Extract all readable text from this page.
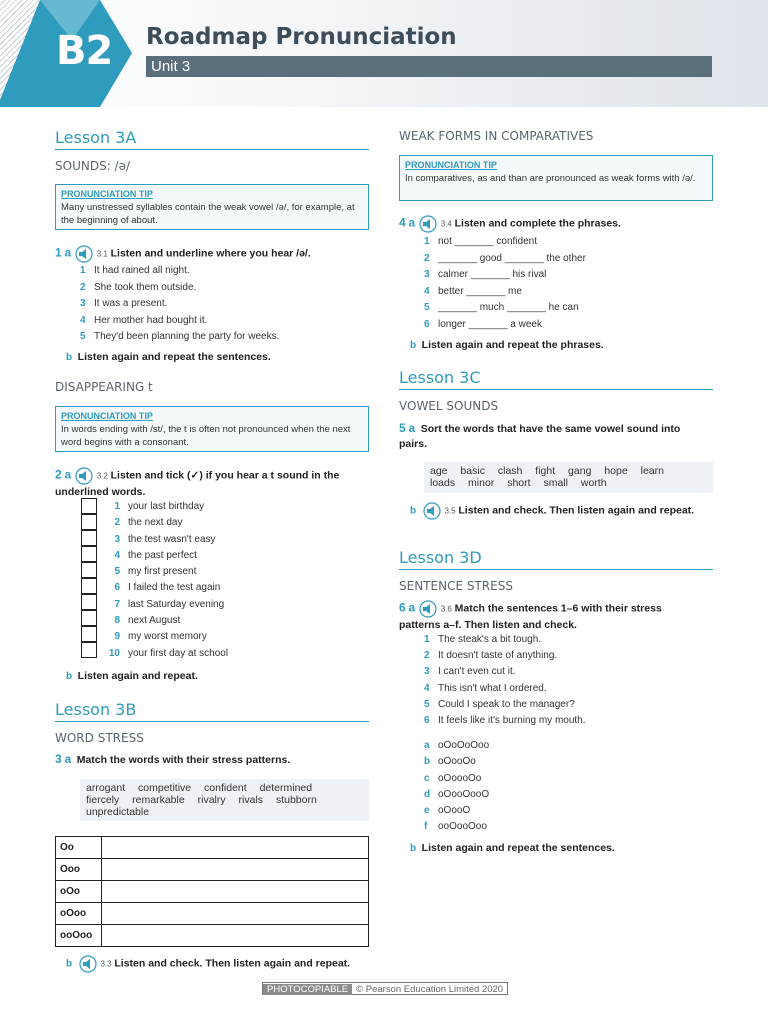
B2 Roadmap Pronunciation
Unit 3
Lesson 3A
SOUNDS: /ə/
PRONUNCIATION TIP
Many unstressed syllables contain the weak vowel /ə/, for example, at the beginning of about.
1 a	3.1 Listen and underline where you hear /ə/.
1 It had rained all night.
2 She took them outside.
3 It was a present.
4 Her mother had bought it.
5 They'd been planning the party for weeks.
b Listen again and repeat the sentences.
DISAPPEARING t
PRONUNCIATION TIP
In words ending with /st/, the t is often not pronounced when the next word begins with a consonant.
2 a	3.2 Listen and tick (✓) if you hear a t sound in the underlined words.
1 your last birthday
2 the next day
3 the test wasn't easy
4 the past perfect
5 my first present
6 I failed the test again
7 last Saturday evening
8 next August
9 my worst memory
10 your first day at school
b Listen again and repeat.
Lesson 3B
WORD STRESS
3 a Match the words with their stress patterns.
arrogant competitive confident determined
fiercely remarkable rivalry rivals stubborn
unpredictable
Oo	
Ooo	
oOo	
oOoo	
ooOoo	
b	3.3 Listen and check. Then listen again and repeat.
WEAK FORMS IN COMPARATIVES
PRONUNCIATION TIP
In comparatives, as and than are pronounced as weak forms with /ə/.
4 a	3.4 Listen and complete the phrases.
1 not _______ confident
2 _______ good _______ the other
3 calmer _______ his rival
4 better _______ me
5 _______ much _______ he can
6 longer _______ a week
b Listen again and repeat the phrases.
Lesson 3C
VOWEL SOUNDS
5 a Sort the words that have the same vowel sound into pairs.
age basic clash fight gang hope learn
loads minor short small worth
b	3.5 Listen and check. Then listen again and repeat.
Lesson 3D
SENTENCE STRESS
6 a	3.6 Match the sentences 1–6 with their stress patterns a–f. Then listen and check.
1 The steak's a bit tough.
2 It doesn't taste of anything.
3 I can't even cut it.
4 This isn't what I ordered.
5 Could I speak to the manager?
6 It feels like it's burning my mouth.
a oOoOoOoo
b oOooOo
c oOoooOo
d oOooOooO
e oOooO
f ooOooOoo
b Listen again and repeat the sentences.
PHOTOCOPIABLE © Pearson Education Limited 2020
